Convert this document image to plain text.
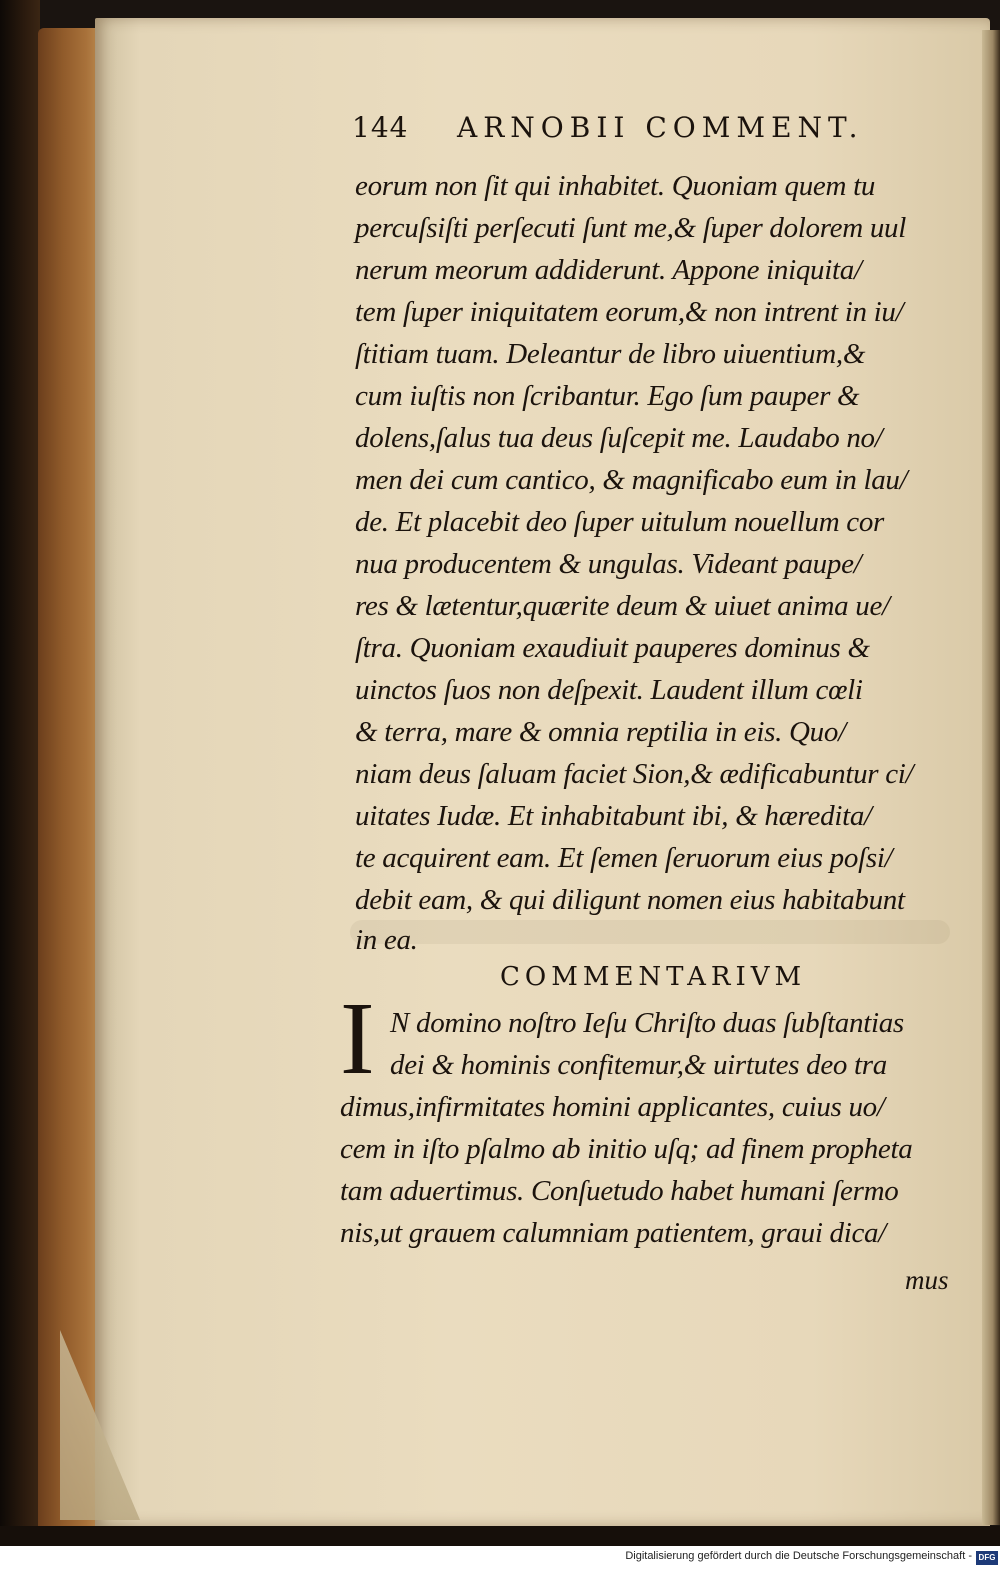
144 ARNOBII COMMENT.
eorum non ſit qui inhabitet. Quoniam quem tu
percuſsiſti perſecuti ſunt me,& ſuper dolorem uul
nerum meorum addiderunt. Appone iniquita/
tem ſuper iniquitatem eorum,& non intrent in iu/
ſtitiam tuam. Deleantur de libro uiuentium,&
cum iuſtis non ſcribantur. Ego ſum pauper &
dolens,ſalus tua deus ſuſcepit me. Laudabo no/
men dei cum cantico, & magnificabo eum in lau/
de. Et placebit deo ſuper uitulum nouellum cor
nua producentem & ungulas. Videant paupe/
res & lætentur,quærite deum & uiuet anima ue/
ſtra. Quoniam exaudiuit pauperes dominus &
uinctos ſuos non deſpexit. Laudent illum cœli
& terra, mare & omnia reptilia in eis. Quo/
niam deus ſaluam faciet Sion,& ædificabuntur ci/
uitates Iudæ. Et inhabitabunt ibi, & hæredita/
te acquirent eam. Et ſemen ſeruorum eius poſsi/
debit eam, & qui diligunt nomen eius habitabunt
in ea.
COMMENTARIVM
I N domino noſtro Ieſu Chriſto duas ſubſtantias
dei & hominis confitemur,& uirtutes deo tra
dimus,infirmitates homini applicantes, cuius uo/
cem in iſto pſalmo ab initio uſq; ad finem propheta
tam aduertimus. Conſuetudo habet humani ſermo
nis,ut grauem calumniam patientem, graui dica/
mus
Digitalisierung gefördert durch die Deutsche Forschungsgemeinschaft - DFG
